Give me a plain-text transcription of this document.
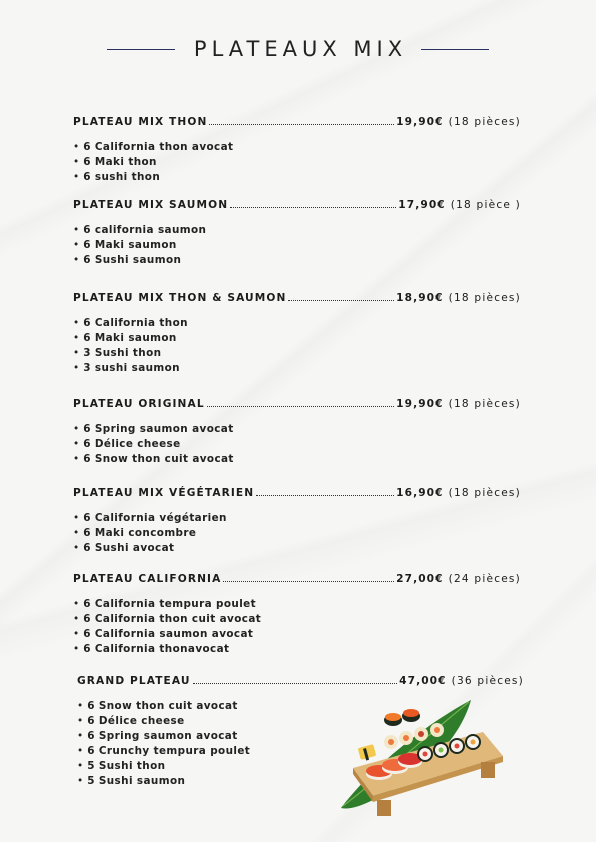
PLATEAUX MIX
PLATEAU MIX THON	19,90€ (18 pièces)
• 6 California thon avocat
• 6 Maki thon
• 6 sushi thon
PLATEAU MIX SAUMON	17,90€ (18 pièce )
• 6 california saumon
• 6 Maki saumon
• 6 Sushi saumon
PLATEAU MIX THON & SAUMON	18,90€ (18 pièces)
• 6 California thon
• 6 Maki saumon
• 3 Sushi thon
• 3 sushi saumon
PLATEAU ORIGINAL	19,90€ (18 pièces)
• 6 Spring saumon avocat
• 6 Délice cheese
• 6 Snow thon cuit avocat
PLATEAU MIX VÉGÉTARIEN	16,90€ (18 pièces)
• 6 California végétarien
• 6 Maki concombre
• 6 Sushi avocat
PLATEAU CALIFORNIA	27,00€ (24 pièces)
• 6 California tempura poulet
• 6 California thon cuit avocat
• 6 California saumon avocat
• 6 California thonavocat
GRAND PLATEAU	47,00€ (36 pièces)
• 6 Snow thon cuit avocat
• 6 Délice cheese
• 6 Spring saumon avocat
• 6 Crunchy tempura poulet
• 5 Sushi thon
• 5 Sushi saumon
